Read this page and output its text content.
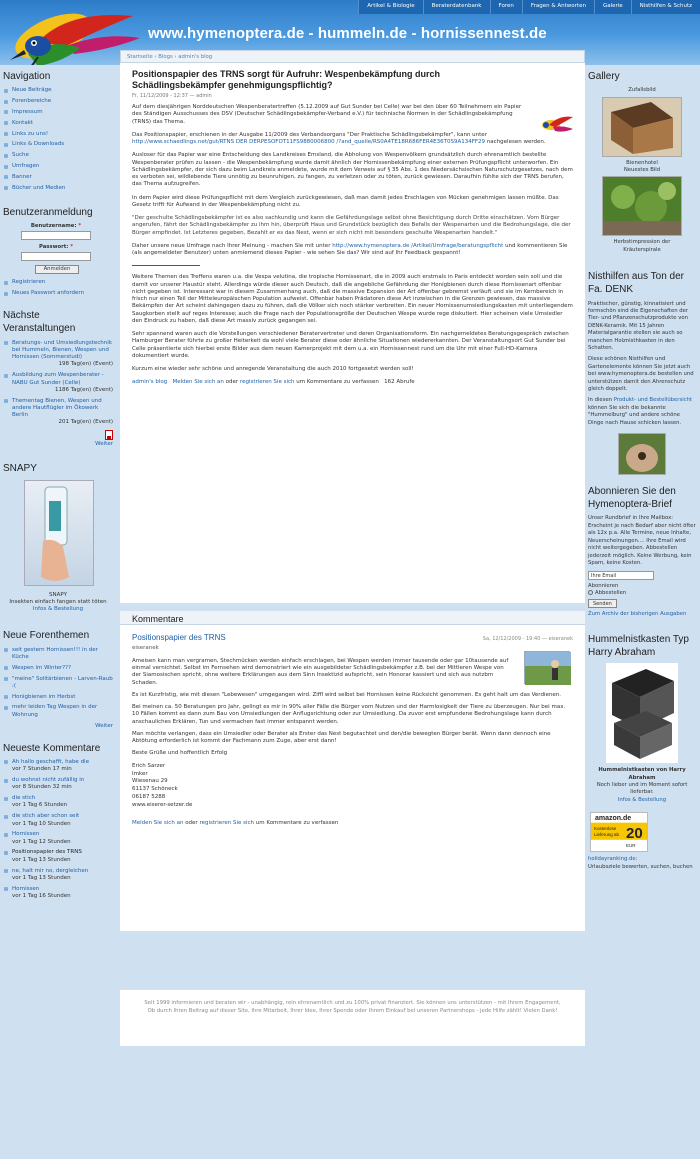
Artikel & Biologie	Beraterdatenbank	Foren	Fragen & Antworten	Galerie	Nisthilfen & Schutz
www.hymenoptera.de - hummeln.de - hornissennest.de
Navigation
Neue Beiträge
Forenbereiche
Impressum
Kontakt
Links zu uns!
Links & Downloads
Suche
Umfragen
Banner
Bücher und Medien
Benutzeranmeldung
Benutzername: *
Passwort: *
Anmelden
Registrieren
Neues Passwort anfordern
Nächste Veranstaltungen
Beratungs- und Umsiedlungstechnik bei Hummeln, Bienen, Wespen und Hornissen (Sommerstudi)
198 Tag(en) (Event)
Ausbildung zum Wespenberater - NABU Gut Sunder (Celle)
1186 Tag(en) (Event)
Thementag Bienen, Wespen und andere Hautflügler im Ökowerk Berlin
201 Tag(en) (Event)
Weiter
SNAPY
SNAPY
Insekten einfach fangen statt töten
Infos & Bestellung
Neue Forenthemen
seit gestern Hornissen!!! in der Küche
Wespen im Winter???
"meine" Solitärbienen - Larven-Raub :(
Honigbienen im Herbst
mehr leiden Tag Wespen in der Wohnung
Weiter
Neueste Kommentare
Ah hallo geschafft, habe die
vor 7 Stunden 17 min
du wohnst nicht zufällig in
vor 8 Stunden 32 min
die stich
vor 1 Tag 6 Stunden
die stich aber schon seit
vor 1 Tag 10 Stunden
Hornissen
vor 1 Tag 12 Stunden
Positionspapier des TRNS
vor 1 Tag 13 Stunden
ne, halt mir no, dergleichen
vor 1 Tag 13 Stunden
Hornissen
vor 1 Tag 16 Stunden
Startseite › Blogs › admin's blog
Positionspapier des TRNS sorgt für Aufruhr: Wespenbekämpfung durch Schädlingsbekämpfer genehmigungspflichtig?
Fr, 11/12/2009 - 12:37 — admin

Auf dem diesjährigen Norddeutschen Wespenberatertreffen (5.12.2009 auf Gut Sunder bei Celle) war bei den über 60 Teilnehmern ein Papier des Ständigen Ausschusses des DSV (Deutscher Schädlingsbekämpfer-Verband e.V.) für technische Normen in der Schädlingsbekämpfung (TRNS) das Thema.

Das Positionspapier, erschienen in der Ausgabe 11/2009 des Verbandsorgans "Der Praktische Schädlingsbekämpfer", kann unter http://www.schaedlings.net/gut/RTNS DER DERPESOFOT11FS9880006800 /?and_quelle/RS0A4TE18R686FER4E36T0S9A134FF29 nachgelesen werden.

Ausloser für das Papier war eine Entscheidung des Landkreises Emsland, die Abholung von Wespenvölkern grundsätzlich durch ehrenamtlich bestellte Wespenberater prüfen zu lassen - die Wespenbekämpfung wurde damit ähnlich der Hornissenbekämpfung einer externen Prüfungspflicht unterworfen. Ein Schädlingsbekämpfer, der sich dazu beim Landkreis anmeldete, wurde mit dem Verweis auf § 35 Abs. 1 des Niedersächsischen Naturschutzgesetzes, nach dem es verboten sei, wildlebende Tiere unnötig zu beunruhigen, zu fangen, zu verletzen oder zu töten, zurück gewiesen. Daraufhin fühlte sich der TRNS berufen, das Thema aufzugreifen.

In dem Papier wird diese Prüfungspflicht mit dem Vergleich zurückgewiesen, daß man damit jedes Erschlagen von Mücken genehmigen lassen müßte. Das Gesetz trifft für Aufwand in der Wespenbekämpfung nicht zu.

"Der geschulte Schädlingsbekämpfer ist es also sachkundig und kann die Gefährdungslage selbst ohne Besichtigung durch Dritte einschätzen. Vom Bürger angerufen, fährt der Schädlingsbekämpfer zu ihm hin, überprüft Haus und Grundstück bezüglich des Befalls der Wespenarten und die Bedrohungslage, die der Bürger empfindet. Ist Letzteres gegeben, Bezahlt er es das Nest, wenn er sich nicht mit besonders geschulte Wespenarten handelt."

Daher unsere neue Umfrage nach Ihrer Meinung - machen Sie mit unter http://www.hymenoptera.de /Artikel/Umfrage/beratungspflicht und kommentieren Sie (als angemeldeter Benutzer) unten anmiemend dieses Papier - wie sehen Sie das? Wir sind auf Ihr Feedback gespannt!

Weitere Themen des Treffens waren u.a. die Vespa velutina, die tropische Hornissenart, die in 2009 auch erstmals in Paris entdeckt worden sein soll und die damit vor unserer Haustür steht. Allerdings würde dieser auch Deutsch, daß die angebliche Gefährdung der Honigbienen durch diese Hornissenart offenbar nicht gegeben ist. Interessant war in diesem Zusammenhang auch, daß die massive Expansion der Art offenbar gebremst verläuft und sie im Kernbereich in frisch nur einen Teil der Mitteleuropäischen Population aufweist. Offenbar haben Prädatoren diese Art inzwischen in die Grenzen gewiesen, das massive Bekämpfen der Art scheint dahingegen dazu zu führen, daß die Völker sich noch stärker verbreiten. Ein neuer Hornissenumsiedlungskasten mit unterliegendem Saugkorben stellt auf reges Interesse; auch die Frage nach der Populationsgröße der Deutschen Wespe wurde rege diskutiert. Hier scheinen viele Umsiedler den Eindruck zu haben, daß diese Art massiv zurück gegangen sei.

Sehr spannend waren auch die Vorstellungen verschiedener Beratervertreter und deren Organisationsform. Ein nachgemeldetes Beratungsgespräch zwischen Hamburger Berater führte zu großer Heiterkeit da wohl viele Berater diese oder ähnliche Situationen wiedererkannten. Der Veranstaltungsort Gut Sunder bei Celle präsentierte sich hierbei erste Bilder aus dem neuen Kamerprojekt mit dem u.a. ein Hornissennest rund um die Uhr mit einer Full-HD-Kamera dokumentiert wurde.

Kurzum eine wieder sehr schöne und anregende Veranstaltung die auch 2010 fortgesetzt werden soll!

admin's blog Melden Sie sich an oder registrieren Sie sich um Kommentare zu verfassen 162 Abrufe
Kommentare
Positionspapier des TRNS	Sa, 12/12/2009 - 19:40 — eiseranek
eiseranek

Ameisen kann man vergramen, Stechmücken werden einfach erschlagen, bei Wespen werden immer tausende oder gar 10tausende auf einmal vernichtet. Selbst im Fernsehen wird demonstriert wie ein ausgebildeter Schädlingsbekämpfer z.B. bei der Mittleren Wespe von der Siamosischen spricht, ohne weitere Erklärungen aus dem Sinn Insektizid aufspricht, sein Honorar kassiert und sich aus nutzbrn Schaden.

Es ist Kurzfristig, wie mit diesen "Lebewesen" umgegangen wird. Ziffl wird selbst bei Hornissen keine Rücksicht genommen. Es geht halt um das Verdienen.

Bei meinen ca. 50 Beratungen pro Jahr, gelingt es mir in 90% aller Fälle die Bürger vom Nutzen und der Harmlosigkeit der Tiere zu überzeugen. Nur bei max. 10 Fällen kommt es dann zum Bau von Umsiedlungen der Anflugsrichtung oder zur Umsiedlung. Da zuvor erst empfundene Bedrohungslage kann durch anschauliches Erklären, Tun und vermachen fast immer entspannt werden.

Man möchte verlangen, dass ein Umsiedler oder Berater als Erster das Nest begutachtet und den/die bewegten Bürger berät. Wenn dann dennoch eine Abtötung erforderlich ist kommt der Fachmann zum Zuge, aber erst dann!

Beste Grüße und hoffentlich Erfolg

Erich Sarzer
Imker
Wiesenau 29
61137 Schöneck
06187 5288
www.eiserer-setzer.de
Melden Sie sich an oder registrieren Sie sich um Kommentare zu verfassen
Seit 1999 informieren und beraten wir - unabhängig, rein ehrenamtlich und zu 100% privat finanziert. Sie können uns unterstützen - mit Ihrem Engagement, Ob durch Ihren Beitrag auf dieser Site, Ihre Mitarbeit, Ihrer Idee, Ihrer Spende oder Ihrem Einkauf bei unseren Partnershops - jede Hilfe zählt! Vielen Dank!
Gallery
Zufallsbild
Bienenhotel
Neuestes Bild
Herbstimpression der
Kräuterspirale
Nisthilfen aus Ton der Fa. DENK

Praktischer, günstig, kinnatisiert und formschön sind die Eigenschaften der Tier- und Pflanzenschutzprodukte von DENK-Keramik. Mit 15 Jahren Materialgarantie stellen sie auch so manchen Holznisthkasten in den Schatten.

Diese schönen Nisthilfen und Gartenelemente können Sie jetzt auch bei www.hymenoptera.de bestellen und unterstützen damit den Ahrenschutz gleich doppelt.

In diesen Produkt- und Bestellübersicht können Sie sich die bekannte "Hummelburg" und andere schöne Dinge nach Hause schicken lassen.

Abonnieren Sie den Hymenoptera-Brief
Unser Rundbrief in Ihre Mailbox: Erscheint je nach Bedarf aber nicht öfter als 12x p.a. Alle Termine, neue Inhalte, Neuerscheinungen.... Ihre Email wird nicht weitergegeben. Abbestellen jederzeit möglich. Keine Werbung, kein Spam, keine Kosten.
Ihre Email
Abonnieren
Abbestellen
Senden
Zum Archiv der bisherigen Ausgaben
Hummelnistkasten Typ Harry Abraham
Hummelnistkasten von Harry Abraham
Noch lieber und im Moment sofort lieferbar.
Infos & Bestellung
amazon.de
Kostenlose
Lieferung ab 20
EUR
holidayranking.de:
Urlaubsziele bewerten, suchen, buchen
